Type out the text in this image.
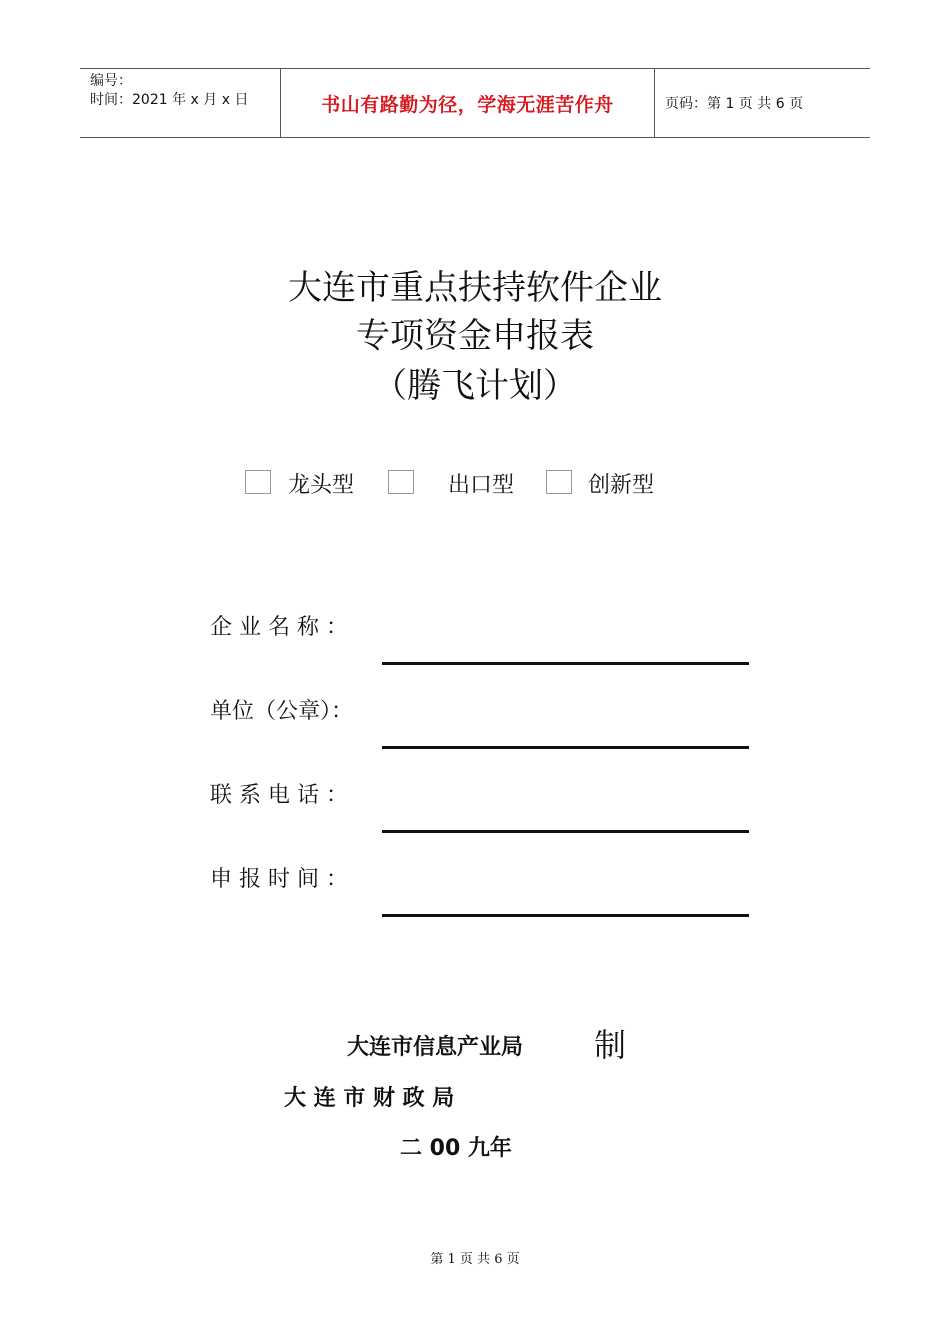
编号：
时间：2021 年 x 月 x 日	书山有路勤为径，学海无涯苦作舟	页码：第 1 页 共 6 页
大连市重点扶持软件企业
专项资金申报表
（腾飞计划）
龙头型	出口型	创新型
企 业 名 称 ：
单位（公章）：
联 系 电 话 ：
申 报 时 间 ：
大连市信息产业局 制
大 连 市 财 政 局
二 00 九年
第 1 页 共 6 页
